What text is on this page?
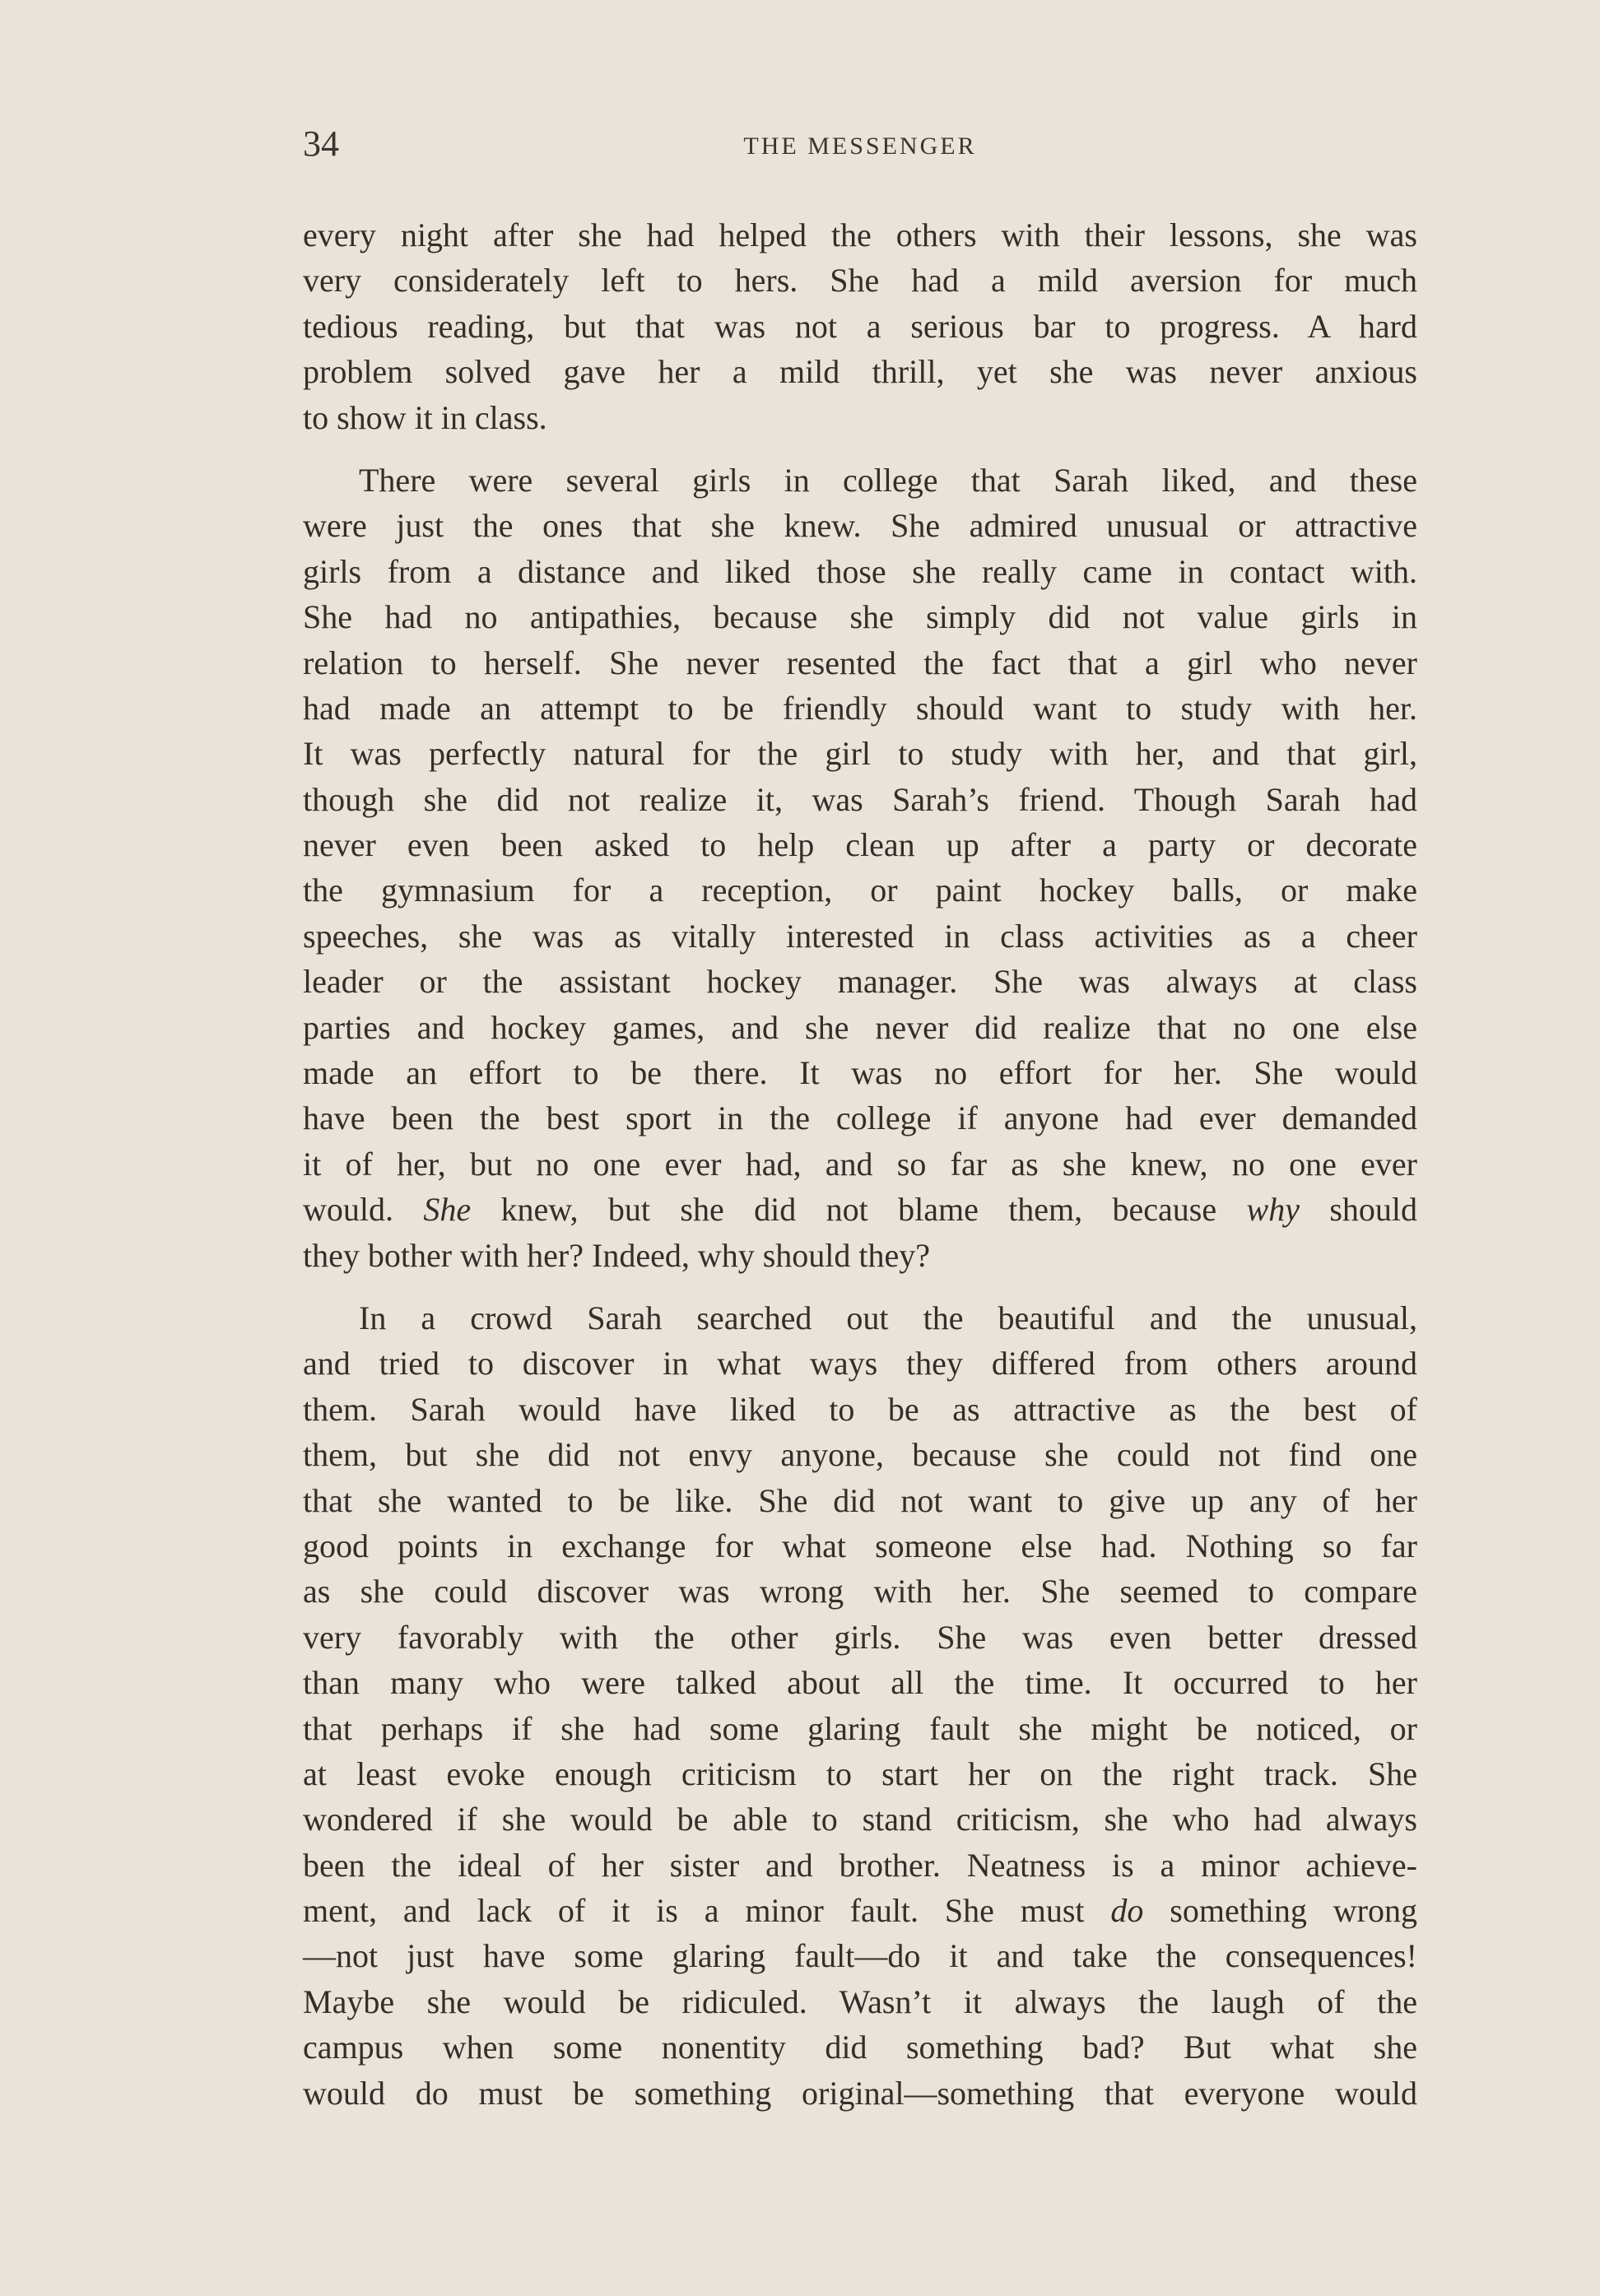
34	THE MESSENGER
every night after she had helped the others with their lessons, she was
very considerately left to hers. She had a mild aversion for much
tedious reading, but that was not a serious bar to progress. A hard
problem solved gave her a mild thrill, yet she was never anxious
to show it in class.
There were several girls in college that Sarah liked, and these
were just the ones that she knew. She admired unusual or attractive
girls from a distance and liked those she really came in contact with.
She had no antipathies, because she simply did not value girls in
relation to herself. She never resented the fact that a girl who never
had made an attempt to be friendly should want to study with her.
It was perfectly natural for the girl to study with her, and that girl,
though she did not realize it, was Sarah’s friend. Though Sarah had
never even been asked to help clean up after a party or decorate
the gymnasium for a reception, or paint hockey balls, or make
speeches, she was as vitally interested in class activities as a cheer
leader or the assistant hockey manager. She was always at class
parties and hockey games, and she never did realize that no one else
made an effort to be there. It was no effort for her. She would
have been the best sport in the college if anyone had ever demanded
it of her, but no one ever had, and so far as she knew, no one ever
would. She knew, but she did not blame them, because why should
they bother with her? Indeed, why should they?
In a crowd Sarah searched out the beautiful and the unusual,
and tried to discover in what ways they differed from others around
them. Sarah would have liked to be as attractive as the best of
them, but she did not envy anyone, because she could not find one
that she wanted to be like. She did not want to give up any of her
good points in exchange for what someone else had. Nothing so far
as she could discover was wrong with her. She seemed to compare
very favorably with the other girls. She was even better dressed
than many who were talked about all the time. It occurred to her
that perhaps if she had some glaring fault she might be noticed, or
at least evoke enough criticism to start her on the right track. She
wondered if she would be able to stand criticism, she who had always
been the ideal of her sister and brother. Neatness is a minor achieve-
ment, and lack of it is a minor fault. She must do something wrong
—not just have some glaring fault—do it and take the consequences!
Maybe she would be ridiculed. Wasn’t it always the laugh of the
campus when some nonentity did something bad? But what she
would do must be something original—something that everyone would
